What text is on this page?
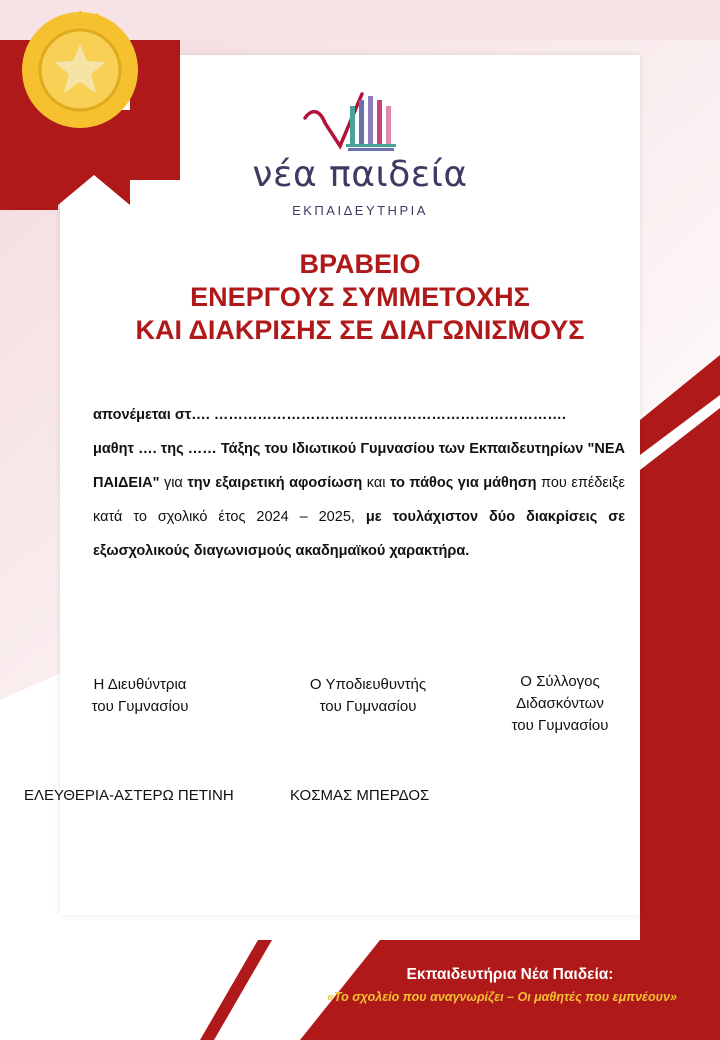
νέα παιδεία
ΕΚΠΑΙΔΕΥΤΗΡΙΑ
ΒΡΑΒΕΙΟ
ΕΝΕΡΓΟΥΣ ΣΥΜΜΕΤΟΧΗΣ
ΚΑΙ ΔΙΑΚΡΙΣΗΣ ΣΕ ΔΙΑΓΩΝΙΣΜΟΥΣ
απονέμεται στ…. ……………………………………………………………….
μαθητ …. της …… Τάξης του Ιδιωτικού Γυμνασίου των Εκπαιδευτηρίων "ΝΕΑ ΠΑΙΔΕΙΑ" για την εξαιρετική αφοσίωση και το πάθος για μάθηση που επέδειξε κατά το σχολικό έτος 2024 – 2025, με τουλάχιστον δύο διακρίσεις σε εξωσχολικούς διαγωνισμούς ακαδημαϊκού χαρακτήρα.
Η Διευθύντρια
του Γυμνασίου
Ο Υποδιευθυντής
του Γυμνασίου
Ο Σύλλογος
Διδασκόντων
του Γυμνασίου
ΕΛΕΥΘΕΡΙΑ-ΑΣΤΕΡΩ ΠΕΤΙΝΗ	ΚΟΣΜΑΣ ΜΠΕΡΔΟΣ
Εκπαιδευτήρια Νέα Παιδεία:
«Το σχολείο που αναγνωρίζει – Οι μαθητές που εμπνέουν»
